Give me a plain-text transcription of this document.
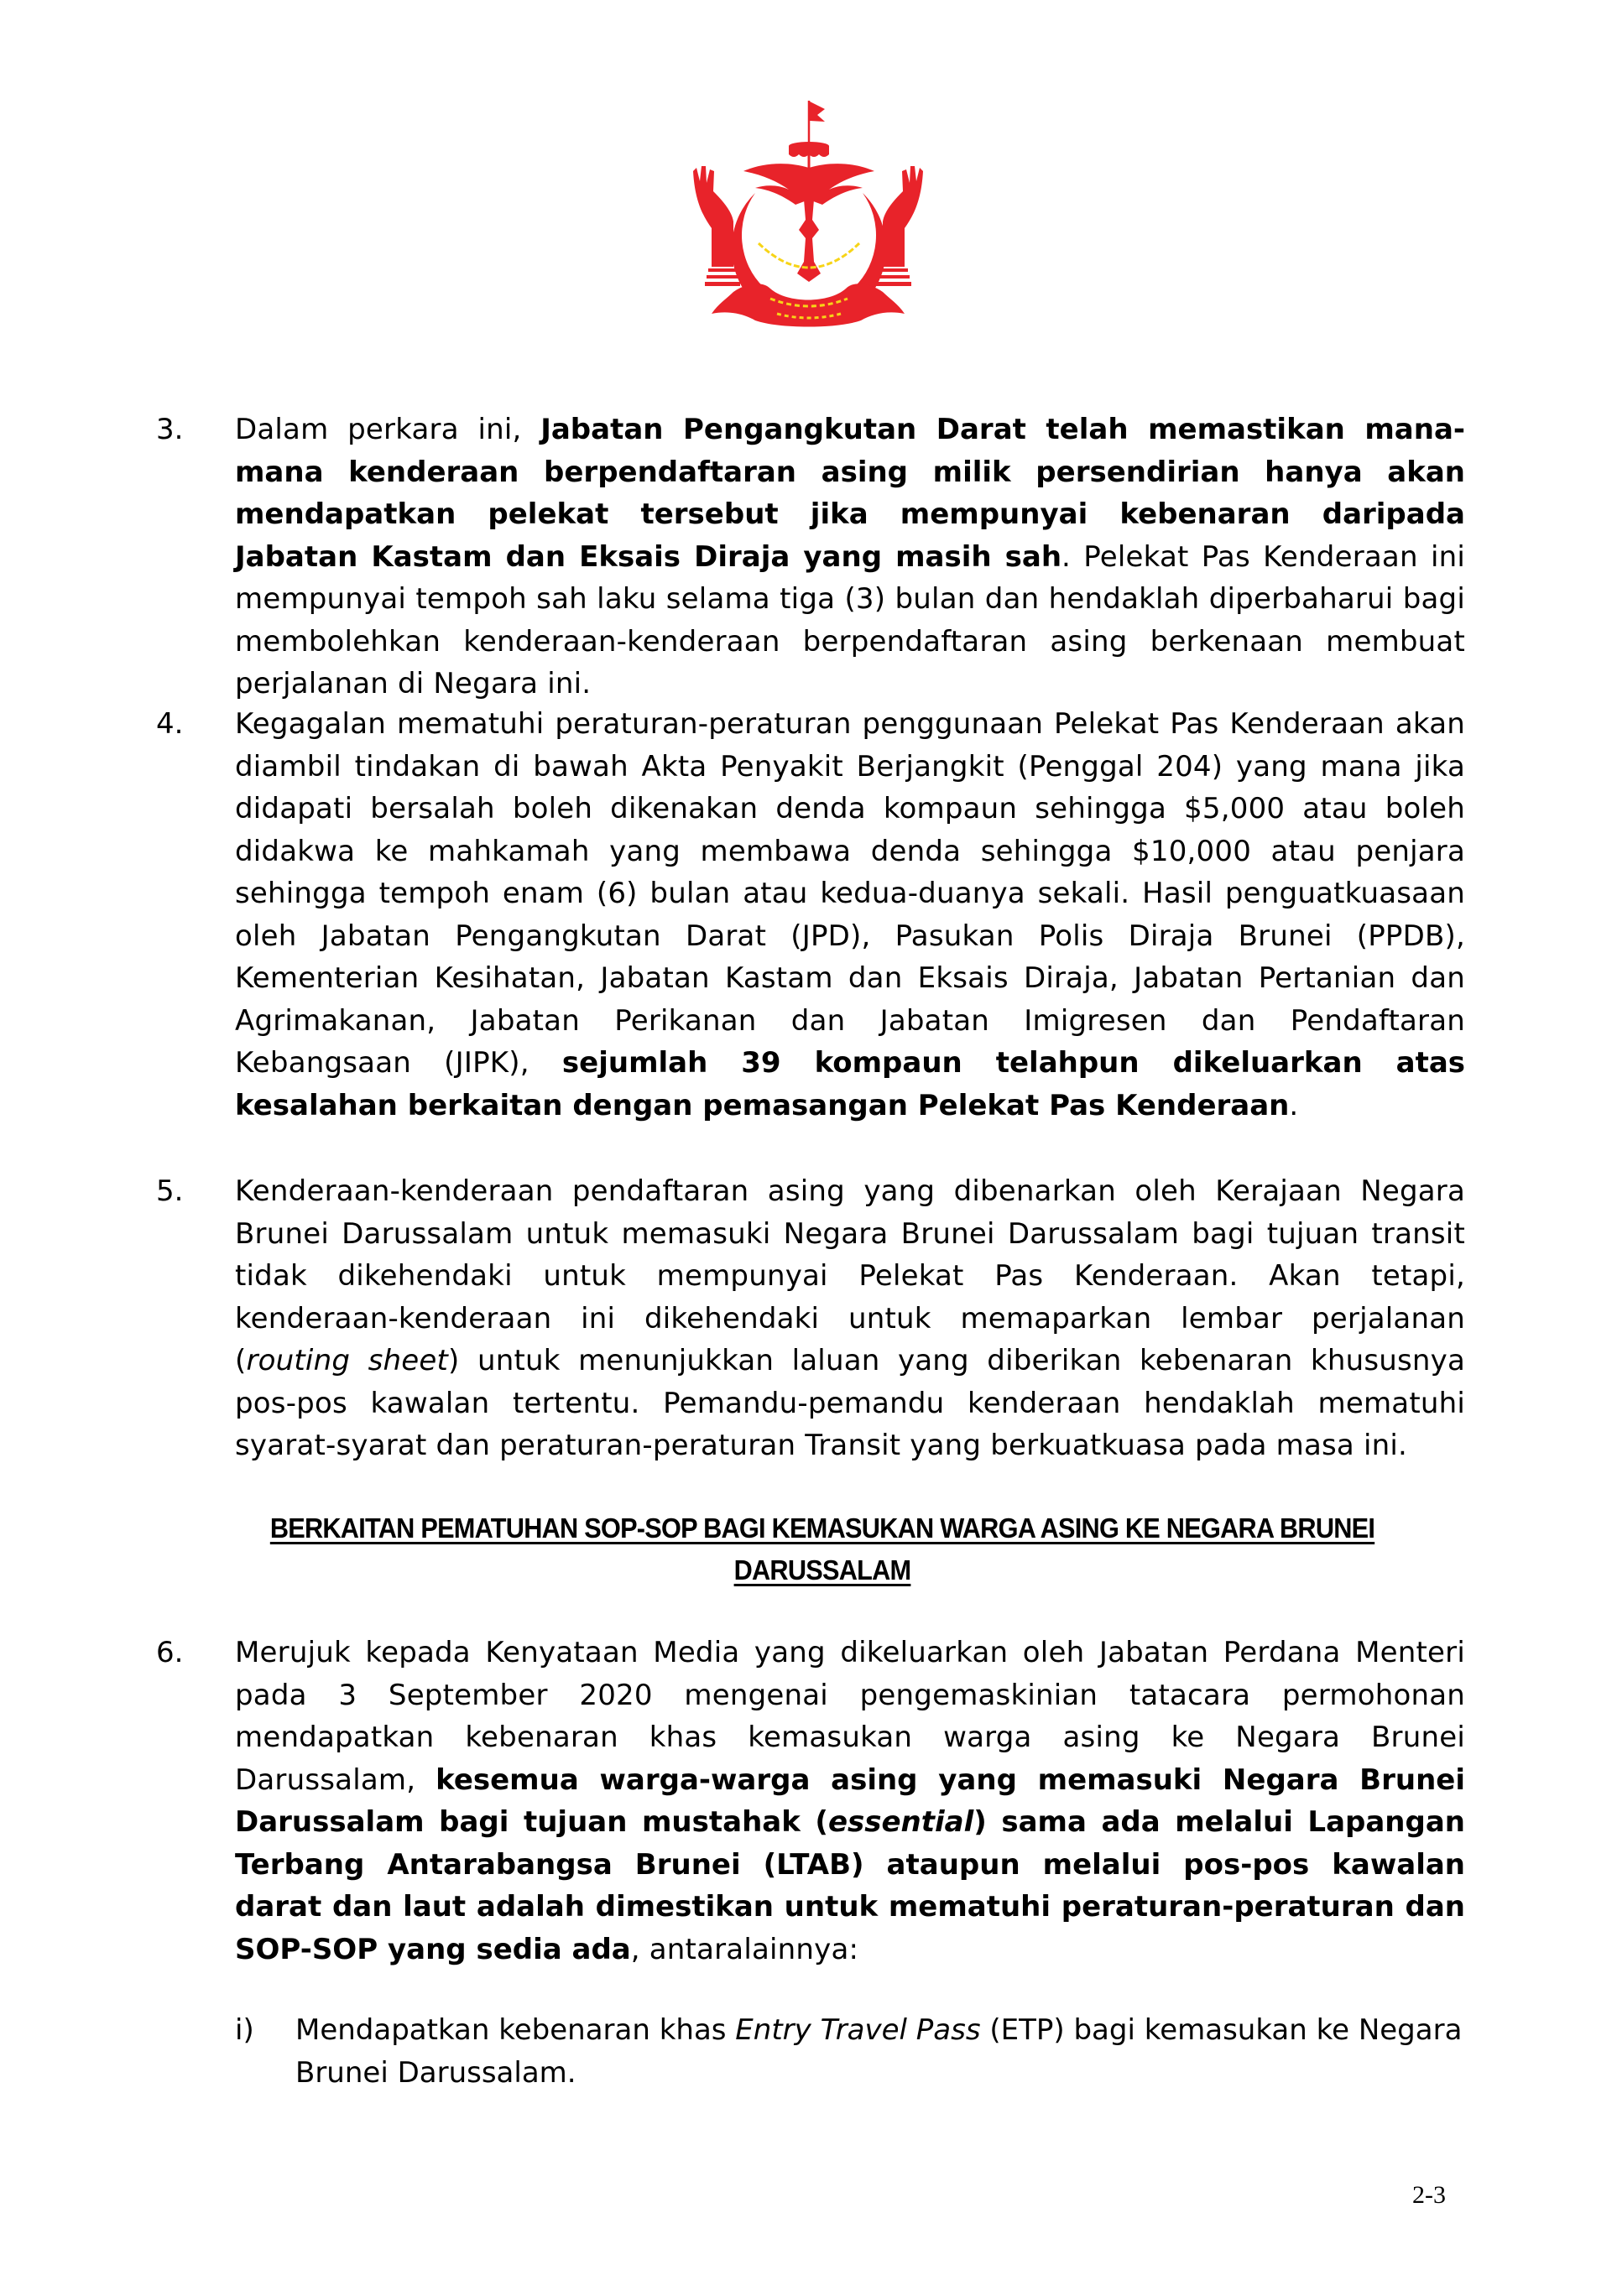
3.	Dalam perkara ini, Jabatan Pengangkutan Darat telah memastikan mana-mana kenderaan berpendaftaran asing milik persendirian hanya akan mendapatkan pelekat tersebut jika mempunyai kebenaran daripada Jabatan Kastam dan Eksais Diraja yang masih sah. Pelekat Pas Kenderaan ini mempunyai tempoh sah laku selama tiga (3) bulan dan hendaklah diperbaharui bagi membolehkan kenderaan-kenderaan berpendaftaran asing berkenaan membuat perjalanan di Negara ini.
4.	Kegagalan mematuhi peraturan-peraturan penggunaan Pelekat Pas Kenderaan akan diambil tindakan di bawah Akta Penyakit Berjangkit (Penggal 204) yang mana jika didapati bersalah boleh dikenakan denda kompaun sehingga $5,000 atau boleh didakwa ke mahkamah yang membawa denda sehingga $10,000 atau penjara sehingga tempoh enam (6) bulan atau kedua-duanya sekali. Hasil penguatkuasaan oleh Jabatan Pengangkutan Darat (JPD), Pasukan Polis Diraja Brunei (PPDB), Kementerian Kesihatan, Jabatan Kastam dan Eksais Diraja, Jabatan Pertanian dan Agrimakanan, Jabatan Perikanan dan Jabatan Imigresen dan Pendaftaran Kebangsaan (JIPK), sejumlah 39 kompaun telahpun dikeluarkan atas kesalahan berkaitan dengan pemasangan Pelekat Pas Kenderaan.
5.	Kenderaan-kenderaan pendaftaran asing yang dibenarkan oleh Kerajaan Negara Brunei Darussalam untuk memasuki Negara Brunei Darussalam bagi tujuan transit tidak dikehendaki untuk mempunyai Pelekat Pas Kenderaan. Akan tetapi, kenderaan-kenderaan ini dikehendaki untuk memaparkan lembar perjalanan (routing sheet) untuk menunjukkan laluan yang diberikan kebenaran khususnya pos-pos kawalan tertentu. Pemandu-pemandu kenderaan hendaklah mematuhi syarat-syarat dan peraturan-peraturan Transit yang berkuatkuasa pada masa ini.
BERKAITAN PEMATUHAN SOP-SOP BAGI KEMASUKAN WARGA ASING KE NEGARA BRUNEI
DARUSSALAM
6.	Merujuk kepada Kenyataan Media yang dikeluarkan oleh Jabatan Perdana Menteri pada 3 September 2020 mengenai pengemaskinian tatacara permohonan mendapatkan kebenaran khas kemasukan warga asing ke Negara Brunei Darussalam, kesemua warga-warga asing yang memasuki Negara Brunei Darussalam bagi tujuan mustahak (essential) sama ada melalui Lapangan Terbang Antarabangsa Brunei (LTAB) ataupun melalui pos-pos kawalan darat dan laut adalah dimestikan untuk mematuhi peraturan-peraturan dan SOP-SOP yang sedia ada, antaralainnya:
i) Mendapatkan kebenaran khas Entry Travel Pass (ETP) bagi kemasukan ke Negara Brunei Darussalam.
2-3
